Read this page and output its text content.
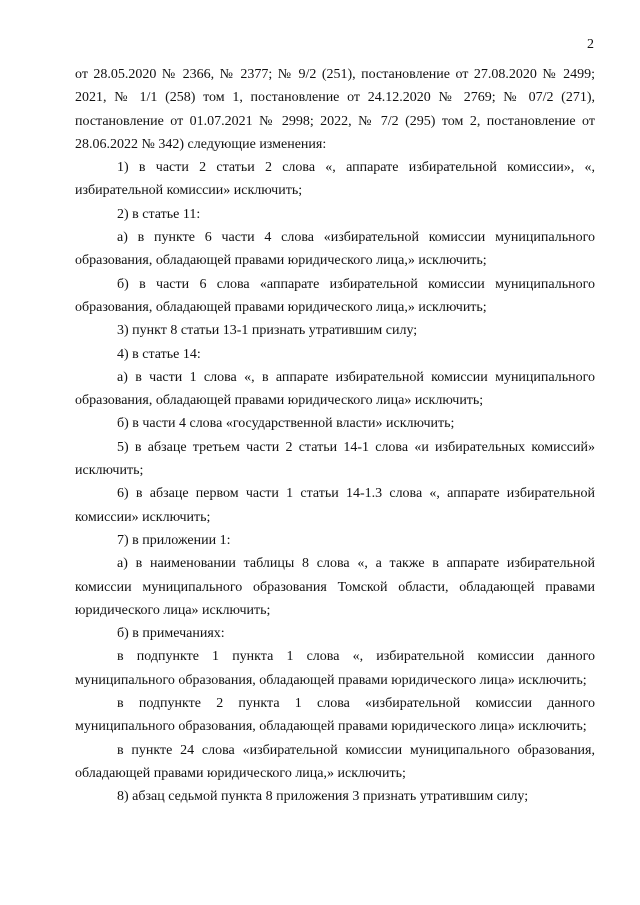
2

от 28.05.2020 № 2366, № 2377; № 9/2 (251), постановление от 27.08.2020 № 2499; 2021, № 1/1 (258) том 1, постановление от 24.12.2020 № 2769; № 07/2 (271), постановление от 01.07.2021 № 2998; 2022, № 7/2 (295) том 2, постановление от 28.06.2022 № 342) следующие изменения:

1) в части 2 статьи 2 слова «, аппарате избирательной комиссии», «, избирательной комиссии» исключить;

2) в статье 11:

а) в пункте 6 части 4 слова «избирательной комиссии муниципального образования, обладающей правами юридического лица,» исключить;

б) в части 6 слова «аппарате избирательной комиссии муниципального образования, обладающей правами юридического лица,» исключить;

3) пункт 8 статьи 13-1 признать утратившим силу;

4) в статье 14:

а) в части 1 слова «, в аппарате избирательной комиссии муниципального образования, обладающей правами юридического лица» исключить;

б) в части 4 слова «государственной власти» исключить;

5) в абзаце третьем части 2 статьи 14-1 слова «и избирательных комиссий» исключить;

6) в абзаце первом части 1 статьи 14-1.3 слова «, аппарате избирательной комиссии» исключить;

7) в приложении 1:

а) в наименовании таблицы 8 слова «, а также в аппарате избирательной комиссии муниципального образования Томской области, обладающей правами юридического лица» исключить;

б) в примечаниях:

в подпункте 1 пункта 1 слова «, избирательной комиссии данного муниципального образования, обладающей правами юридического лица» исключить;

в подпункте 2 пункта 1 слова «избирательной комиссии данного муниципального образования, обладающей правами юридического лица» исключить;

в пункте 24 слова «избирательной комиссии муниципального образования, обладающей правами юридического лица,» исключить;

8) абзац седьмой пункта 8 приложения 3 признать утратившим силу;
